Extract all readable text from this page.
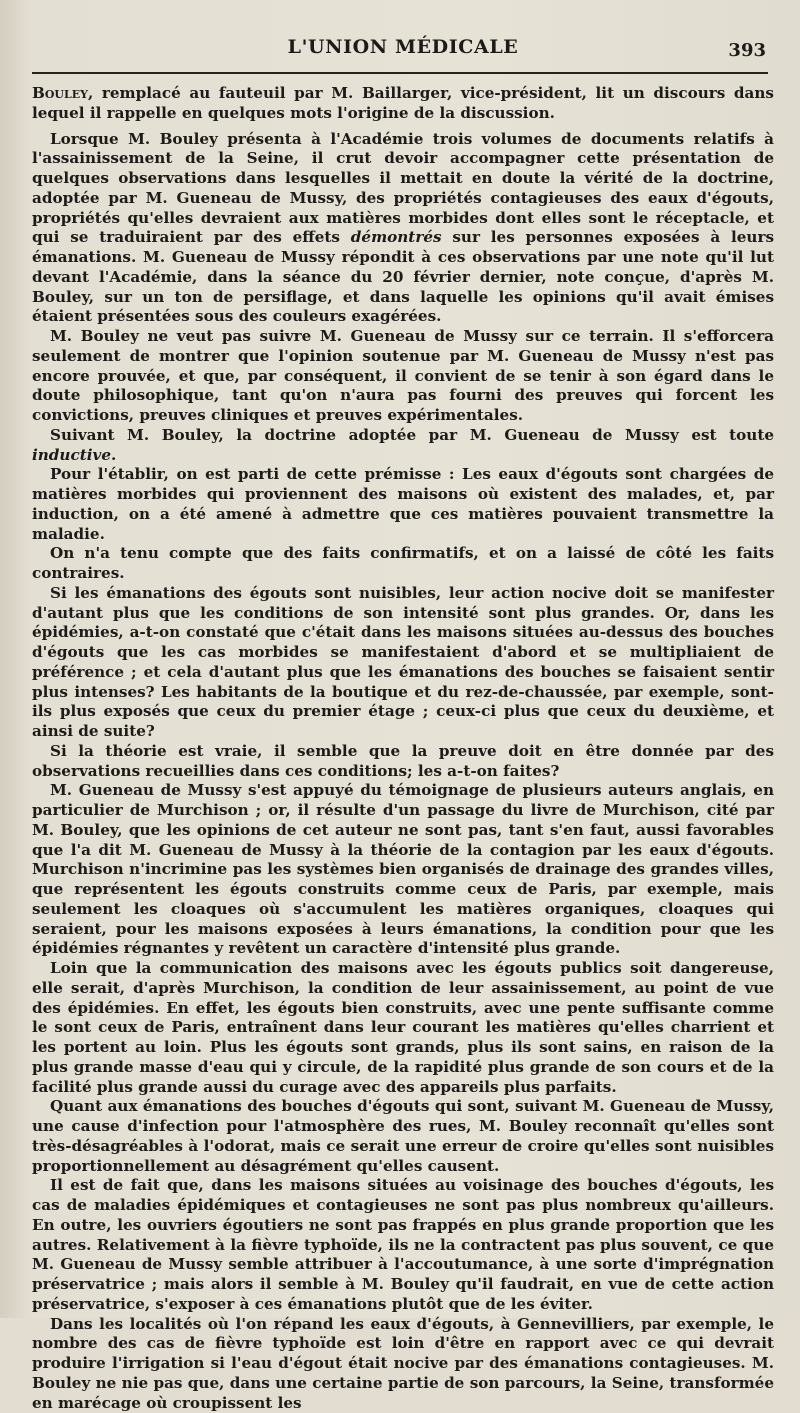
L'UNION MÉDICALE	393

Bouley, remplacé au fauteuil par M. Baillarger, vice-président, lit un discours dans lequel il rappelle en quelques mots l'origine de la discussion.

Lorsque M. Bouley présenta à l'Académie trois volumes de documents relatifs à l'assainissement de la Seine, il crut devoir accompagner cette présentation de quelques observations dans lesquelles il mettait en doute la vérité de la doctrine, adoptée par M. Gueneau de Mussy, des propriétés contagieuses des eaux d'égouts, propriétés qu'elles devraient aux matières morbides dont elles sont le réceptacle, et qui se traduiraient par des effets démontrés sur les personnes exposées à leurs émanations. M. Gueneau de Mussy répondit à ces observations par une note qu'il lut devant l'Académie, dans la séance du 20 février dernier, note conçue, d'après M. Bouley, sur un ton de persiflage, et dans laquelle les opinions qu'il avait émises étaient présentées sous des couleurs exagérées.

M. Bouley ne veut pas suivre M. Gueneau de Mussy sur ce terrain. Il s'efforcera seulement de montrer que l'opinion soutenue par M. Gueneau de Mussy n'est pas encore prouvée, et que, par conséquent, il convient de se tenir à son égard dans le doute philosophique, tant qu'on n'aura pas fourni des preuves qui forcent les convictions, preuves cliniques et preuves expérimentales.

Suivant M. Bouley, la doctrine adoptée par M. Gueneau de Mussy est toute inductive.

Pour l'établir, on est parti de cette prémisse : Les eaux d'égouts sont chargées de matières morbides qui proviennent des maisons où existent des malades, et, par induction, on a été amené à admettre que ces matières pouvaient transmettre la maladie.

On n'a tenu compte que des faits confirmatifs, et on a laissé de côté les faits contraires.

Si les émanations des égouts sont nuisibles, leur action nocive doit se manifester d'autant plus que les conditions de son intensité sont plus grandes. Or, dans les épidémies, a-t-on constaté que c'était dans les maisons situées au-dessus des bouches d'égouts que les cas morbides se manifestaient d'abord et se multipliaient de préférence ; et cela d'autant plus que les émanations des bouches se faisaient sentir plus intenses? Les habitants de la boutique et du rez-de-chaussée, par exemple, sont-ils plus exposés que ceux du premier étage ; ceux-ci plus que ceux du deuxième, et ainsi de suite?

Si la théorie est vraie, il semble que la preuve doit en être donnée par des observations recueillies dans ces conditions; les a-t-on faites?

M. Gueneau de Mussy s'est appuyé du témoignage de plusieurs auteurs anglais, en particulier de Murchison ; or, il résulte d'un passage du livre de Murchison, cité par M. Bouley, que les opinions de cet auteur ne sont pas, tant s'en faut, aussi favorables que l'a dit M. Gueneau de Mussy à la théorie de la contagion par les eaux d'égouts. Murchison n'incrimine pas les systèmes bien organisés de drainage des grandes villes, que représentent les égouts construits comme ceux de Paris, par exemple, mais seulement les cloaques où s'accumulent les matières organiques, cloaques qui seraient, pour les maisons exposées à leurs émanations, la condition pour que les épidémies régnantes y revêtent un caractère d'intensité plus grande.

Loin que la communication des maisons avec les égouts publics soit dangereuse, elle serait, d'après Murchison, la condition de leur assainissement, au point de vue des épidémies. En effet, les égouts bien construits, avec une pente suffisante comme le sont ceux de Paris, entraînent dans leur courant les matières qu'elles charrient et les portent au loin. Plus les égouts sont grands, plus ils sont sains, en raison de la plus grande masse d'eau qui y circule, de la rapidité plus grande de son cours et de la facilité plus grande aussi du curage avec des appareils plus parfaits.

Quant aux émanations des bouches d'égouts qui sont, suivant M. Gueneau de Mussy, une cause d'infection pour l'atmosphère des rues, M. Bouley reconnaît qu'elles sont très-désagréables à l'odorat, mais ce serait une erreur de croire qu'elles sont nuisibles proportionnellement au désagrément qu'elles causent.

Il est de fait que, dans les maisons situées au voisinage des bouches d'égouts, les cas de maladies épidémiques et contagieuses ne sont pas plus nombreux qu'ailleurs. En outre, les ouvriers égoutiers ne sont pas frappés en plus grande proportion que les autres. Relativement à la fièvre typhoïde, ils ne la contractent pas plus souvent, ce que M. Gueneau de Mussy semble attribuer à l'accoutumance, à une sorte d'imprégnation préservatrice ; mais alors il semble à M. Bouley qu'il faudrait, en vue de cette action préservatrice, s'exposer à ces émanations plutôt que de les éviter.

Dans les localités où l'on répand les eaux d'égouts, à Gennevilliers, par exemple, le nombre des cas de fièvre typhoïde est loin d'être en rapport avec ce qui devrait produire l'irrigation si l'eau d'égout était nocive par des émanations contagieuses. M. Bouley ne nie pas que, dans une certaine partie de son parcours, la Seine, transformée en marécage où croupissent les
